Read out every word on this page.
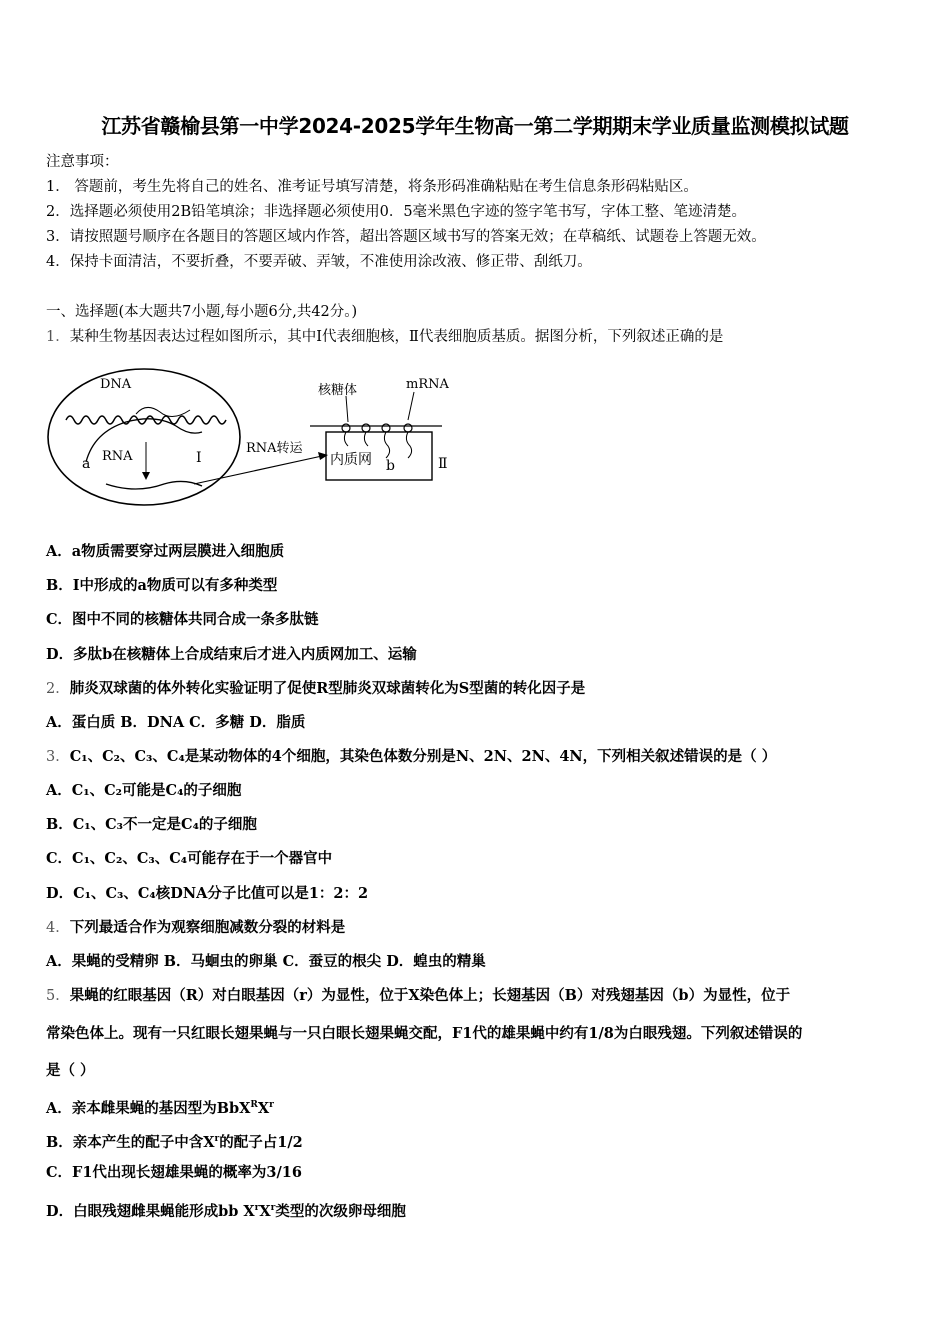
江苏省赣榆县第一中学2024-2025学年生物高一第二学期期末学业质量监测模拟试题
注意事项：
1． 答题前，考生先将自己的姓名、准考证号填写清楚，将条形码准确粘贴在考生信息条形码粘贴区。
2．选择题必须使用2B铅笔填涂；非选择题必须使用0．5毫米黑色字迹的签字笔书写，字体工整、笔迹清楚。
3．请按照题号顺序在各题目的答题区域内作答，超出答题区域书写的答案无效；在草稿纸、试题卷上答题无效。
4．保持卡面清洁，不要折叠，不要弄破、弄皱，不准使用涂改液、修正带、刮纸刀。
一、选择题(本大题共7小题,每小题6分,共42分。)
1．某种生物基因表达过程如图所示，其中Ⅰ代表细胞核，Ⅱ代表细胞质基质。据图分析，下列叙述正确的是
DNA
RNA
a	Ⅰ
RNA转运
核糖体	mRNA
内质网 b	Ⅱ
A．a物质需要穿过两层膜进入细胞质
B．Ⅰ中形成的a物质可以有多种类型
C．图中不同的核糖体共同合成一条多肽链
D．多肽b在核糖体上合成结束后才进入内质网加工、运输
2．肺炎双球菌的体外转化实验证明了促使R型肺炎双球菌转化为S型菌的转化因子是
A．蛋白质 B．DNA C．多糖 D．脂质
3．C₁、C₂、C₃、C₄是某动物体的4个细胞，其染色体数分别是N、2N、2N、4N，下列相关叙述错误的是（ ）
A．C₁、C₂可能是C₄的子细胞
B．C₁、C₃不一定是C₄的子细胞
C．C₁、C₂、C₃、C₄可能存在于一个器官中
D．C₁、C₃、C₄核DNA分子比值可以是1：2：2
4．下列最适合作为观察细胞减数分裂的材料是
A．果蝇的受精卵 B．马蛔虫的卵巢 C．蚕豆的根尖 D．蝗虫的精巢
5．果蝇的红眼基因（R）对白眼基因（r）为显性，位于X染色体上；长翅基因（B）对残翅基因（b）为显性，位于
常染色体上。现有一只红眼长翅果蝇与一只白眼长翅果蝇交配，F1代的雄果蝇中约有1/8为白眼残翅。下列叙述错误的
是（ ）
A．亲本雌果蝇的基因型为$BbX^RX^r$
B．亲本产生的配子中含$X^r$的配子占1/2
C．F1代出现长翅雄果蝇的概率为3/16
D．白眼残翅雌果蝇能形成bb $X^rX^r$类型的次级卵母细胞
